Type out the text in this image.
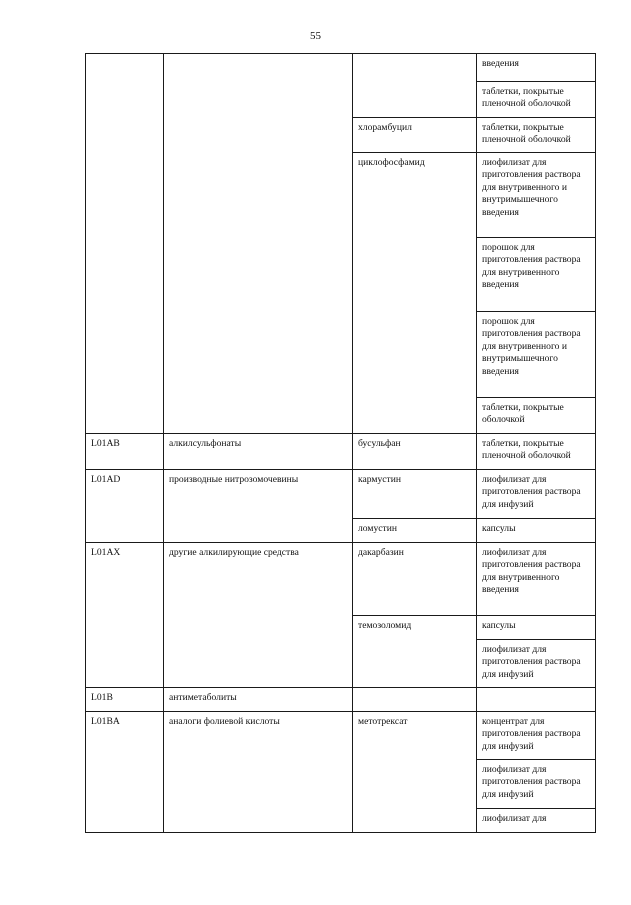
55
			введения
			таблетки, покрытые пленочной оболочкой
		хлорамбуцил	таблетки, покрытые пленочной оболочкой
		циклофосфамид	лиофилизат для приготовления раствора для внутривенного и внутримышечного введения
			порошок для приготовления раствора для внутривенного введения
			порошок для приготовления раствора для внутривенного и внутримышечного введения
			таблетки, покрытые оболочкой
L01AB	алкилсульфонаты	бусульфан	таблетки, покрытые пленочной оболочкой
L01AD	производные нитрозомочевины	кармустин	лиофилизат для приготовления раствора для инфузий
		ломустин	капсулы
L01AX	другие алкилирующие средства	дакарбазин	лиофилизат для приготовления раствора для внутривенного введения
		темозоломид	капсулы
			лиофилизат для приготовления раствора для инфузий
L01B	антиметаболиты		
L01BA	аналоги фолиевой кислоты	метотрексат	концентрат для приготовления раствора для инфузий
			лиофилизат для приготовления раствора для инфузий
			лиофилизат для
